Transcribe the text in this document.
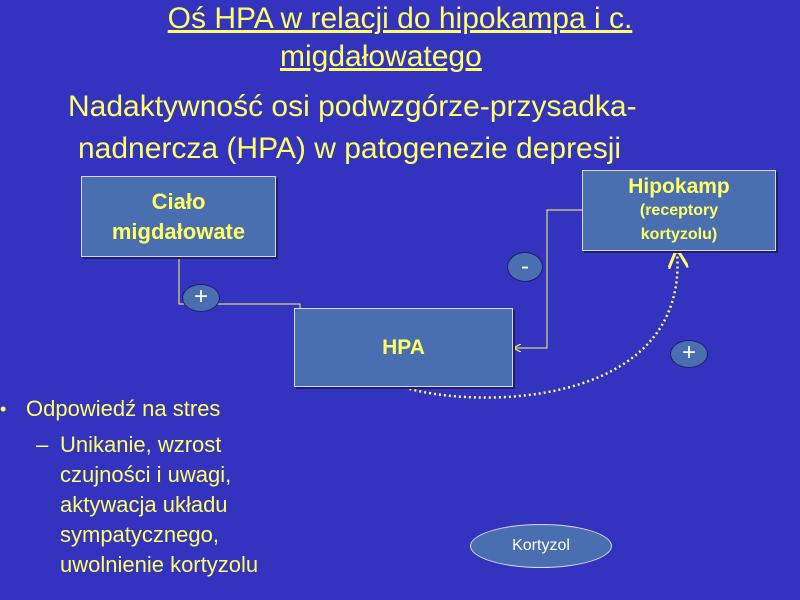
Oś HPA w relacji do hipokampa i c.
migdałowatego
Nadaktywność osi podwzgórze-przysadka-
nadnercza (HPA) w patogenezie depresji
Ciało
migdałowate
Hipokamp
(receptory
kortyzolu)
HPA
+
-
+
Kortyzol
• Odpowiedź na stres
– Unikanie, wzrost
czujności i uwagi,
aktywacja układu
sympatycznego,
uwolnienie kortyzolu
